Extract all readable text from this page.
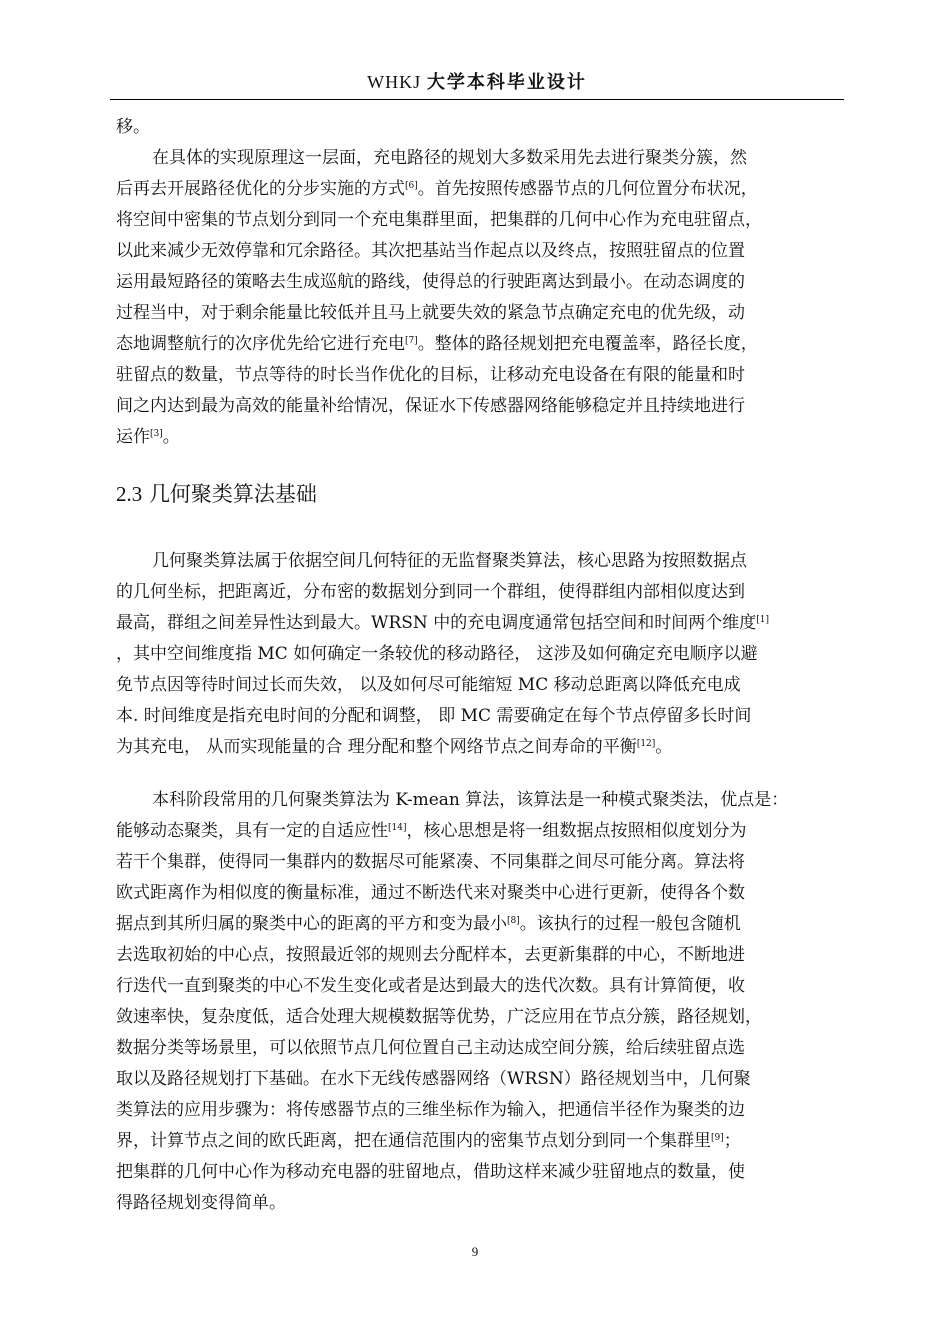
WHKJ 大学本科毕业设计
移。
在具体的实现原理这一层面，充电路径的规划大多数采用先去进行聚类分簇，然
后再去开展路径优化的分步实施的方式[6]。首先按照传感器节点的几何位置分布状况，
将空间中密集的节点划分到同一个充电集群里面，把集群的几何中心作为充电驻留点，
以此来减少无效停靠和冗余路径。其次把基站当作起点以及终点，按照驻留点的位置
运用最短路径的策略去生成巡航的路线，使得总的行驶距离达到最小。在动态调度的
过程当中，对于剩余能量比较低并且马上就要失效的紧急节点确定充电的优先级，动
态地调整航行的次序优先给它进行充电[7]。整体的路径规划把充电覆盖率，路径长度，
驻留点的数量，节点等待的时长当作优化的目标，让移动充电设备在有限的能量和时
间之内达到最为高效的能量补给情况，保证水下传感器网络能够稳定并且持续地进行
运作[3]。
2.3 几何聚类算法基础
几何聚类算法属于依据空间几何特征的无监督聚类算法，核心思路为按照数据点
的几何坐标，把距离近，分布密的数据划分到同一个群组，使得群组内部相似度达到
最高，群组之间差异性达到最大。WRSN 中的充电调度通常包括空间和时间两个维度[1]
，其中空间维度指 MC 如何确定一条较优的移动路径， 这涉及如何确定充电顺序以避
免节点因等待时间过长而失效， 以及如何尽可能缩短 MC 移动总距离以降低充电成
本. 时间维度是指充电时间的分配和调整， 即 MC 需要确定在每个节点停留多长时间
为其充电， 从而实现能量的合 理分配和整个网络节点之间寿命的平衡[12]。
本科阶段常用的几何聚类算法为 K-mean 算法，该算法是一种模式聚类法，优点是：
能够动态聚类，具有一定的自适应性[14]，核心思想是将一组数据点按照相似度划分为
若干个集群，使得同一集群内的数据尽可能紧凑、不同集群之间尽可能分离。算法将
欧式距离作为相似度的衡量标准，通过不断迭代来对聚类中心进行更新，使得各个数
据点到其所归属的聚类中心的距离的平方和变为最小[8]。该执行的过程一般包含随机
去选取初始的中心点，按照最近邻的规则去分配样本，去更新集群的中心，不断地进
行迭代一直到聚类的中心不发生变化或者是达到最大的迭代次数。具有计算简便，收
敛速率快，复杂度低，适合处理大规模数据等优势，广泛应用在节点分簇，路径规划，
数据分类等场景里，可以依照节点几何位置自己主动达成空间分簇，给后续驻留点选
取以及路径规划打下基础。在水下无线传感器网络（WRSN）路径规划当中，几何聚
类算法的应用步骤为：将传感器节点的三维坐标作为输入，把通信半径作为聚类的边
界，计算节点之间的欧氏距离，把在通信范围内的密集节点划分到同一个集群里[9]；
把集群的几何中心作为移动充电器的驻留地点，借助这样来减少驻留地点的数量，使
得路径规划变得简单。
9
